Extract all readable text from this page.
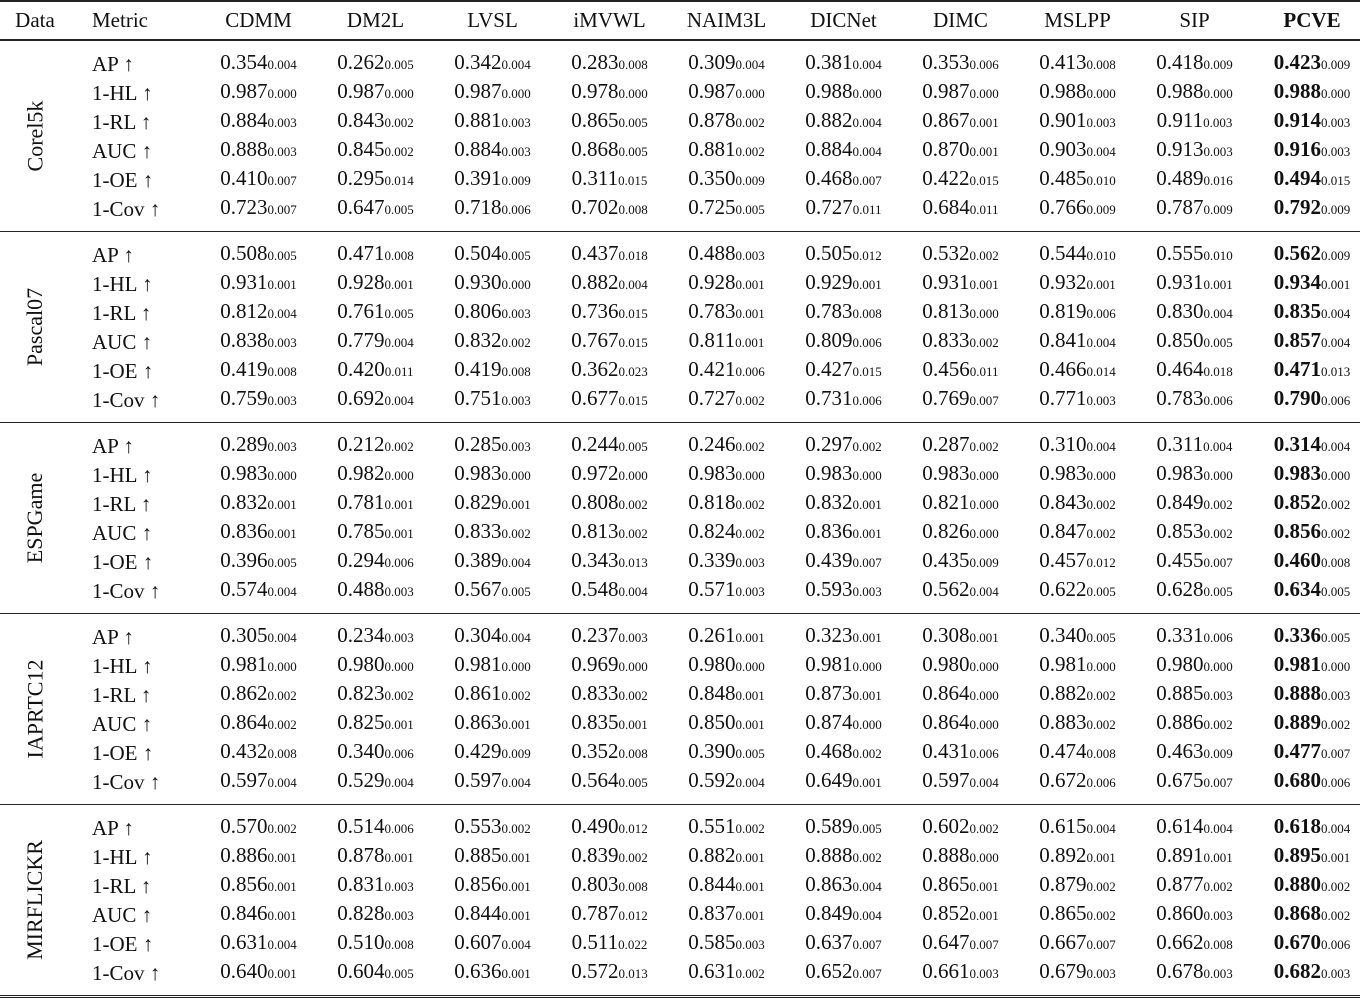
Data	Metric	CDMM	DM2L	LVSL	iMVWL	NAIM3L	DICNet	DIMC	MSLPP	SIP	PCVE

Corel5k	AP ↑	0.3540.004	0.2620.005	0.3420.004	0.2830.008	0.3090.004	0.3810.004	0.3530.006	0.4130.008	0.4180.009	0.4230.009
	1-HL ↑	0.9870.000	0.9870.000	0.9870.000	0.9780.000	0.9870.000	0.9880.000	0.9870.000	0.9880.000	0.9880.000	0.9880.000
	1-RL ↑	0.8840.003	0.8430.002	0.8810.003	0.8650.005	0.8780.002	0.8820.004	0.8670.001	0.9010.003	0.9110.003	0.9140.003
	AUC ↑	0.8880.003	0.8450.002	0.8840.003	0.8680.005	0.8810.002	0.8840.004	0.8700.001	0.9030.004	0.9130.003	0.9160.003
	1-OE ↑	0.4100.007	0.2950.014	0.3910.009	0.3110.015	0.3500.009	0.4680.007	0.4220.015	0.4850.010	0.4890.016	0.4940.015
	1-Cov ↑	0.7230.007	0.6470.005	0.7180.006	0.7020.008	0.7250.005	0.7270.011	0.6840.011	0.7660.009	0.7870.009	0.7920.009

Pascal07	AP ↑	0.5080.005	0.4710.008	0.5040.005	0.4370.018	0.4880.003	0.5050.012	0.5320.002	0.5440.010	0.5550.010	0.5620.009
	1-HL ↑	0.9310.001	0.9280.001	0.9300.000	0.8820.004	0.9280.001	0.9290.001	0.9310.001	0.9320.001	0.9310.001	0.9340.001
	1-RL ↑	0.8120.004	0.7610.005	0.8060.003	0.7360.015	0.7830.001	0.7830.008	0.8130.000	0.8190.006	0.8300.004	0.8350.004
	AUC ↑	0.8380.003	0.7790.004	0.8320.002	0.7670.015	0.8110.001	0.8090.006	0.8330.002	0.8410.004	0.8500.005	0.8570.004
	1-OE ↑	0.4190.008	0.4200.011	0.4190.008	0.3620.023	0.4210.006	0.4270.015	0.4560.011	0.4660.014	0.4640.018	0.4710.013
	1-Cov ↑	0.7590.003	0.6920.004	0.7510.003	0.6770.015	0.7270.002	0.7310.006	0.7690.007	0.7710.003	0.7830.006	0.7900.006

ESPGame	AP ↑	0.2890.003	0.2120.002	0.2850.003	0.2440.005	0.2460.002	0.2970.002	0.2870.002	0.3100.004	0.3110.004	0.3140.004
	1-HL ↑	0.9830.000	0.9820.000	0.9830.000	0.9720.000	0.9830.000	0.9830.000	0.9830.000	0.9830.000	0.9830.000	0.9830.000
	1-RL ↑	0.8320.001	0.7810.001	0.8290.001	0.8080.002	0.8180.002	0.8320.001	0.8210.000	0.8430.002	0.8490.002	0.8520.002
	AUC ↑	0.8360.001	0.7850.001	0.8330.002	0.8130.002	0.8240.002	0.8360.001	0.8260.000	0.8470.002	0.8530.002	0.8560.002
	1-OE ↑	0.3960.005	0.2940.006	0.3890.004	0.3430.013	0.3390.003	0.4390.007	0.4350.009	0.4570.012	0.4550.007	0.4600.008
	1-Cov ↑	0.5740.004	0.4880.003	0.5670.005	0.5480.004	0.5710.003	0.5930.003	0.5620.004	0.6220.005	0.6280.005	0.6340.005

IAPRTC12	AP ↑	0.3050.004	0.2340.003	0.3040.004	0.2370.003	0.2610.001	0.3230.001	0.3080.001	0.3400.005	0.3310.006	0.3360.005
	1-HL ↑	0.9810.000	0.9800.000	0.9810.000	0.9690.000	0.9800.000	0.9810.000	0.9800.000	0.9810.000	0.9800.000	0.9810.000
	1-RL ↑	0.8620.002	0.8230.002	0.8610.002	0.8330.002	0.8480.001	0.8730.001	0.8640.000	0.8820.002	0.8850.003	0.8880.003
	AUC ↑	0.8640.002	0.8250.001	0.8630.001	0.8350.001	0.8500.001	0.8740.000	0.8640.000	0.8830.002	0.8860.002	0.8890.002
	1-OE ↑	0.4320.008	0.3400.006	0.4290.009	0.3520.008	0.3900.005	0.4680.002	0.4310.006	0.4740.008	0.4630.009	0.4770.007
	1-Cov ↑	0.5970.004	0.5290.004	0.5970.004	0.5640.005	0.5920.004	0.6490.001	0.5970.004	0.6720.006	0.6750.007	0.6800.006

MIRFLICKR	AP ↑	0.5700.002	0.5140.006	0.5530.002	0.4900.012	0.5510.002	0.5890.005	0.6020.002	0.6150.004	0.6140.004	0.6180.004
	1-HL ↑	0.8860.001	0.8780.001	0.8850.001	0.8390.002	0.8820.001	0.8880.002	0.8880.000	0.8920.001	0.8910.001	0.8950.001
	1-RL ↑	0.8560.001	0.8310.003	0.8560.001	0.8030.008	0.8440.001	0.8630.004	0.8650.001	0.8790.002	0.8770.002	0.8800.002
	AUC ↑	0.8460.001	0.8280.003	0.8440.001	0.7870.012	0.8370.001	0.8490.004	0.8520.001	0.8650.002	0.8600.003	0.8680.002
	1-OE ↑	0.6310.004	0.5100.008	0.6070.004	0.5110.022	0.5850.003	0.6370.007	0.6470.007	0.6670.007	0.6620.008	0.6700.006
	1-Cov ↑	0.6400.001	0.6040.005	0.6360.001	0.5720.013	0.6310.002	0.6520.007	0.6610.003	0.6790.003	0.6780.003	0.6820.003
